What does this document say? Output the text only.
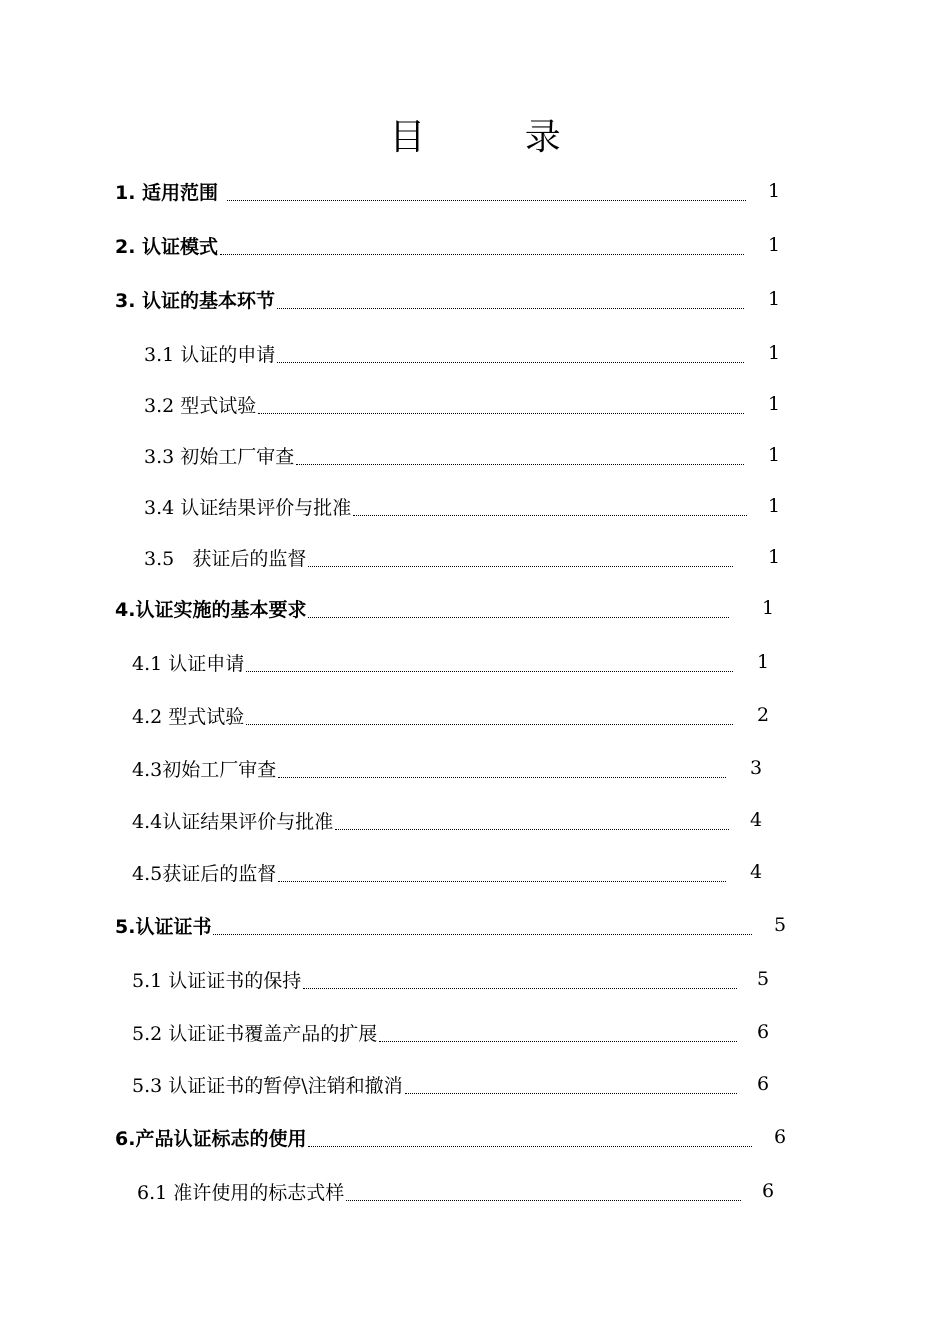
目	录
1. 适用范围	1
2. 认证模式	1
3. 认证的基本环节	1
3.1 认证的申请	1
3.2 型式试验	1
3.3 初始工厂审查	1
3.4 认证结果评价与批准	1
3.5   获证后的监督	1
4.认证实施的基本要求	1
4.1 认证申请	1
4.2 型式试验	2
4.3初始工厂审查	3
4.4认证结果评价与批准	4
4.5获证后的监督	4
5.认证证书	5
5.1 认证证书的保持	5
5.2 认证证书覆盖产品的扩展	6
5.3 认证证书的暂停\注销和撤消	6
6.产品认证标志的使用	6
6.1 准许使用的标志式样	6
